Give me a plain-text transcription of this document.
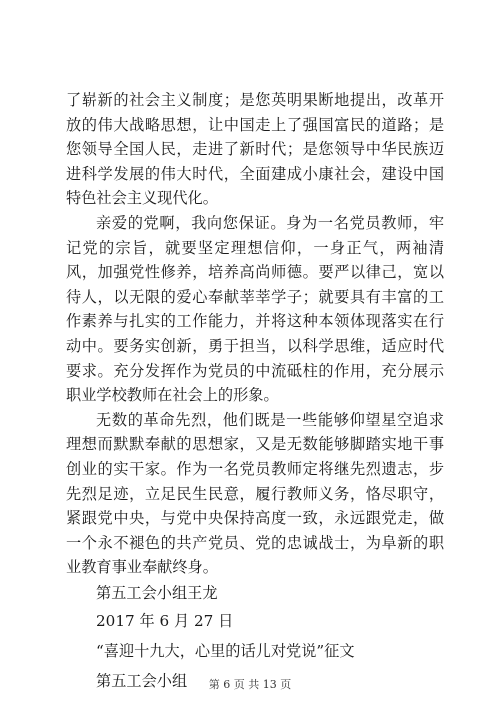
了崭新的社会主义制度；是您英明果断地提出，改革开放的伟大战略思想，让中国走上了强国富民的道路；是您领导全国人民，走进了新时代；是您领导中华民族迈进科学发展的伟大时代，全面建成小康社会，建设中国特色社会主义现代化。

亲爱的党啊，我向您保证。身为一名党员教师，牢记党的宗旨，就要坚定理想信仰，一身正气，两袖清风，加强党性修养，培养高尚师德。要严以律己，宽以待人，以无限的爱心奉献莘莘学子；就要具有丰富的工作素养与扎实的工作能力，并将这种本领体现落实在行动中。要务实创新，勇于担当，以科学思维，适应时代要求。充分发挥作为党员的中流砥柱的作用，充分展示职业学校教师在社会上的形象。

无数的革命先烈，他们既是一些能够仰望星空追求理想而默默奉献的思想家，又是无数能够脚踏实地干事创业的实干家。作为一名党员教师定将继先烈遗志，步先烈足迹，立足民生民意，履行教师义务，恪尽职守，紧跟党中央，与党中央保持高度一致，永远跟党走，做一个永不褪色的共产党员、党的忠诚战士，为阜新的职业教育事业奉献终身。

第五工会小组王龙

2017 年 6 月 27 日

“喜迎十九大，心里的话儿对党说”征文

第五工会小组	第 6 页 共 13 页
